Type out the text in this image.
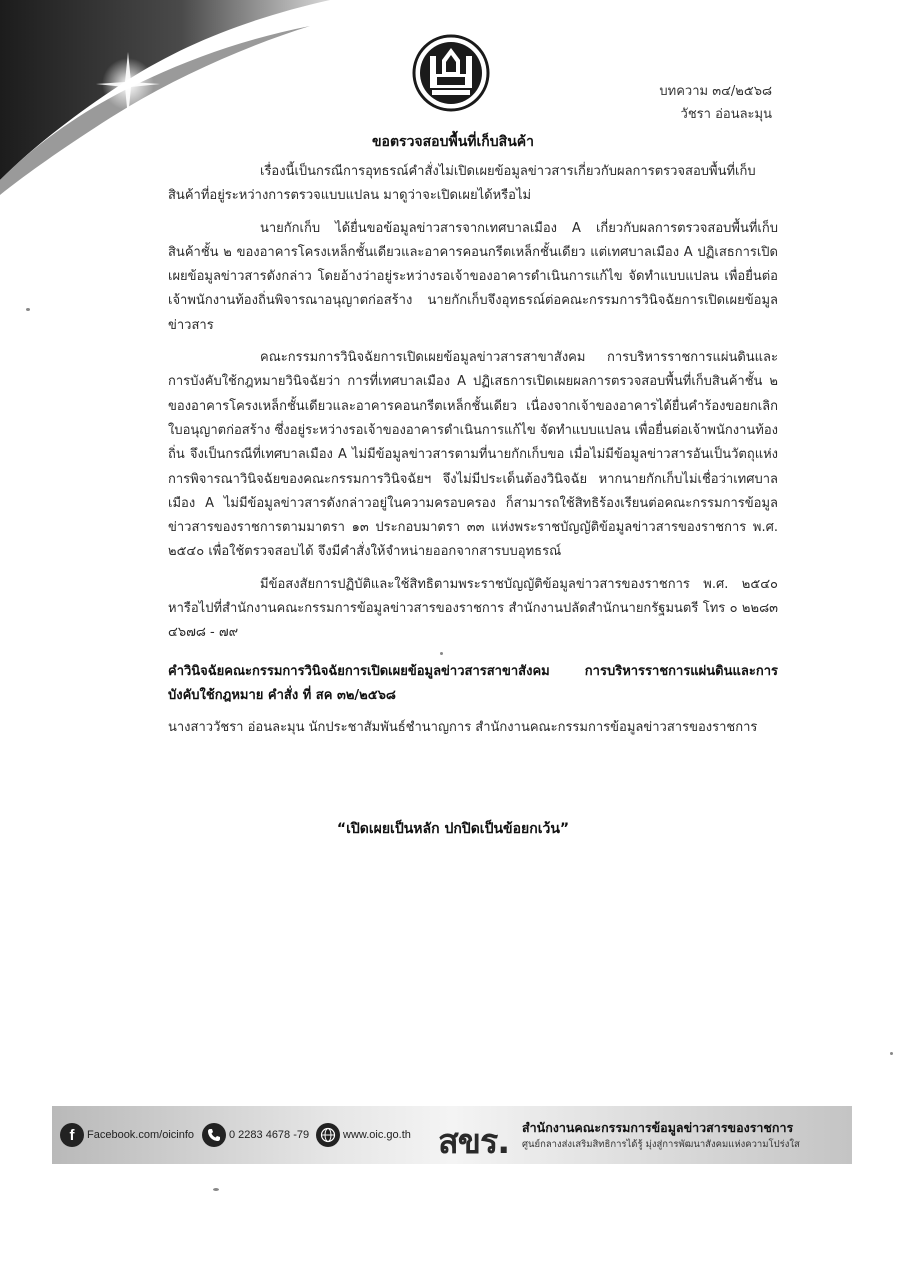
บทความ ๓๔/๒๕๖๘
วัชรา อ่อนละมุน
ขอตรวจสอบพื้นที่เก็บสินค้า

เรื่องนี้เป็นกรณีการอุทธรณ์คำสั่งไม่เปิดเผยข้อมูลข่าวสารเกี่ยวกับผลการตรวจสอบพื้นที่เก็บสินค้าที่อยู่ระหว่างการตรวจแบบแปลน มาดูว่าจะเปิดเผยได้หรือไม่

นายกักเก็บ ได้ยื่นขอข้อมูลข่าวสารจากเทศบาลเมือง A เกี่ยวกับผลการตรวจสอบพื้นที่เก็บสินค้าชั้น ๒ ของอาคารโครงเหล็กชั้นเดียวและอาคารคอนกรีตเหล็กชั้นเดียว แต่เทศบาลเมือง A ปฏิเสธการเปิดเผยข้อมูลข่าวสารดังกล่าว โดยอ้างว่าอยู่ระหว่างรอเจ้าของอาคารดำเนินการแก้ไข จัดทำแบบแปลน เพื่อยื่นต่อเจ้าพนักงานท้องถิ่นพิจารณาอนุญาตก่อสร้าง นายกักเก็บจึงอุทธรณ์ต่อคณะกรรมการวินิจฉัยการเปิดเผยข้อมูลข่าวสาร

คณะกรรมการวินิจฉัยการเปิดเผยข้อมูลข่าวสารสาขาสังคม การบริหารราชการแผ่นดินและการบังคับใช้กฎหมายวินิจฉัยว่า การที่เทศบาลเมือง A ปฏิเสธการเปิดเผยผลการตรวจสอบพื้นที่เก็บสินค้าชั้น ๒ ของอาคารโครงเหล็กชั้นเดียวและอาคารคอนกรีตเหล็กชั้นเดียว เนื่องจากเจ้าของอาคารได้ยื่นคำร้องขอยกเลิกใบอนุญาตก่อสร้าง ซึ่งอยู่ระหว่างรอเจ้าของอาคารดำเนินการแก้ไข จัดทำแบบแปลน เพื่อยื่นต่อเจ้าพนักงานท้องถิ่น จึงเป็นกรณีที่เทศบาลเมือง A ไม่มีข้อมูลข่าวสารตามที่นายกักเก็บขอ เมื่อไม่มีข้อมูลข่าวสารอันเป็นวัตถุแห่งการพิจารณาวินิจฉัยของคณะกรรมการวินิจฉัยฯ จึงไม่มีประเด็นต้องวินิจฉัย หากนายกักเก็บไม่เชื่อว่าเทศบาลเมือง A ไม่มีข้อมูลข่าวสารดังกล่าวอยู่ในความครอบครอง ก็สามารถใช้สิทธิร้องเรียนต่อคณะกรรมการข้อมูลข่าวสารของราชการตามมาตรา ๑๓ ประกอบมาตรา ๓๓ แห่งพระราชบัญญัติข้อมูลข่าวสารของราชการ พ.ศ. ๒๕๔๐ เพื่อใช้ตรวจสอบได้ จึงมีคำสั่งให้จำหน่ายออกจากสารบบอุทธรณ์

มีข้อสงสัยการปฏิบัติและใช้สิทธิตามพระราชบัญญัติข้อมูลข่าวสารของราชการ พ.ศ. ๒๕๔๐ หารือไปที่สำนักงานคณะกรรมการข้อมูลข่าวสารของราชการ สำนักงานปลัดสำนักนายกรัฐมนตรี โทร ๐ ๒๒๘๓ ๔๖๗๘ - ๗๙

คำวินิจฉัยคณะกรรมการวินิจฉัยการเปิดเผยข้อมูลข่าวสารสาขาสังคม การบริหารราชการแผ่นดินและการบังคับใช้กฎหมาย คำสั่ง ที่ สค ๓๒/๒๕๖๘

นางสาววัชรา อ่อนละมุน นักประชาสัมพันธ์ชำนาญการ สำนักงานคณะกรรมการข้อมูลข่าวสารของราชการ

“เปิดเผยเป็นหลัก ปกปิดเป็นข้อยกเว้น”
f	Facebook.com/oicinfo	0 2283 4678 -79	www.oic.go.th สขร. สำนักงานคณะกรรมการข้อมูลข่าวสารของราชการ
ศูนย์กลางส่งเสริมสิทธิการได้รู้ มุ่งสู่การพัฒนาสังคมแห่งความโปร่งใส
